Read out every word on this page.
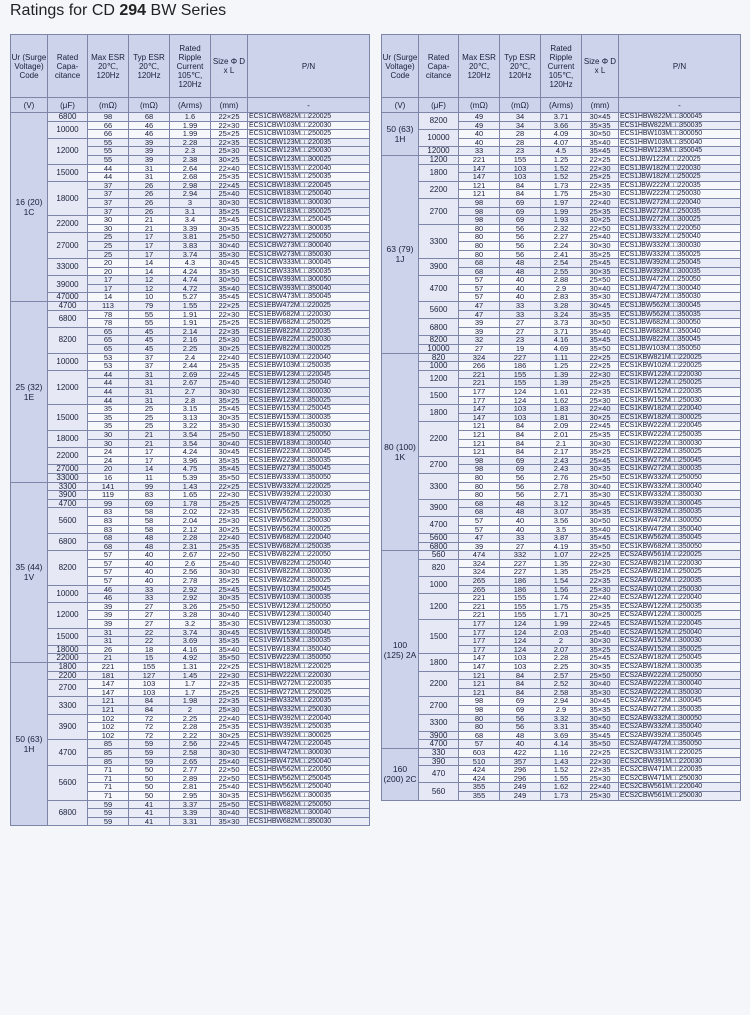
Ratings for CD 294 BW Series
Ur (Surge Voltage) Code	Rated Capa-citance	Max ESR 20℃, 120Hz	Typ ESR 20℃, 120Hz	Rated Ripple Current 105℃, 120Hz	Size Φ D x L	P/N
(V)	(μF)	(mΩ)	(mΩ)	(Arms)	(mm)	-
16 (20) 1C	6800	98	68	1.6	22×25	ECS1CBW682M□□220025
	10000	66	46	1.99	22×30	ECS1CBW103M□□220030
		66	46	1.99	25×25	ECS1CBW103M□□250025
	12000	55	39	2.28	22×35	ECS1CBW123M□□220035
		55	39	2.3	25×30	ECS1CBW123M□□250030
		55	39	2.38	30×25	ECS1CBW123M□□300025
	15000	44	31	2.64	22×40	ECS1CBW153M□□220040
		44	31	2.68	25×35	ECS1CBW153M□□250035
	18000	37	26	2.98	22×45	ECS1CBW183M□□220045
		37	26	2.94	25×40	ECS1CBW183M□□250040
		37	26	3	30×30	ECS1CBW183M□□300030
		37	26	3.1	35×25	ECS1CBW183M□□350025
	22000	30	21	3.4	25×45	ECS1CBW223M□□250045
		30	21	3.39	30×35	ECS1CBW223M□□300035
	27000	25	17	3.81	25×50	ECS1CBW273M□□250050
		25	17	3.83	30×40	ECS1CBW273M□□300040
		25	17	3.74	35×30	ECS1CBW273M□□350030
	33000	20	14	4.3	30×45	ECS1CBW333M□□300045
		20	14	4.24	35×35	ECS1CBW333M□□350035
	39000	17	12	4.74	30×50	ECS1CBW393M□□300050
		17	12	4.72	35×40	ECS1CBW393M□□350040
	47000	14	10	5.27	35×45	ECS1CBW473M□□350045
25 (32) 1E	4700	113	79	1.55	22×25	ECS1EBW472M□□220025
	6800	78	55	1.91	22×30	ECS1EBW682M□□220030
		78	55	1.91	25×25	ECS1EBW682M□□250025
	8200	65	45	2.14	22×35	ECS1EBW822M□□220035
		65	45	2.16	25×30	ECS1EBW822M□□250030
		65	45	2.25	30×25	ECS1EBW822M□□300025
	10000	53	37	2.4	22×40	ECS1EBW103M□□220040
		53	37	2.44	25×35	ECS1EBW103M□□250035
	12000	44	31	2.69	22×45	ECS1EBW123M□□220045
		44	31	2.67	25×40	ECS1EBW123M□□250040
		44	31	2.7	30×30	ECS1EBW123M□□300030
		44	31	2.8	35×25	ECS1EBW123M□□350025
	15000	35	25	3.15	25×45	ECS1EBW153M□□250045
		35	25	3.13	30×35	ECS1EBW153M□□300035
		35	25	3.22	35×30	ECS1EBW153M□□350030
	18000	30	21	3.54	25×50	ECS1EBW183M□□250050
		30	21	3.54	30×40	ECS1EBW183M□□300040
	22000	24	17	4.24	30×45	ECS1EBW223M□□300045
		24	17	3.96	35×35	ECS1EBW223M□□350035
	27000	20	14	4.75	35×45	ECS1EBW273M□□350045
	33000	16	11	5.39	35×50	ECS1EBW333M□□350050
35 (44) 1V	3300	141	99	1.43	22×25	ECS1VBW332M□□220025
	3900	119	83	1.65	22×30	ECS1VBW392M□□220030
	4700	99	69	1.78	25×25	ECS1VBW472M□□250025
	5600	83	58	2.02	22×35	ECS1VBW562M□□220035
		83	58	2.04	25×30	ECS1VBW562M□□250030
		83	58	2.12	30×25	ECS1VBW562M□□300025
	6800	68	48	2.28	22×40	ECS1VBW682M□□220040
		68	48	2.31	25×35	ECS1VBW682M□□250035
	8200	57	40	2.67	22×50	ECS1VBW822M□□220050
		57	40	2.6	25×40	ECS1VBW822M□□250040
		57	40	2.56	30×30	ECS1VBW822M□□300030
		57	40	2.78	35×25	ECS1VBW822M□□350025
	10000	46	33	2.92	25×45	ECS1VBW103M□□250045
		46	33	2.92	30×35	ECS1VBW103M□□300035
	12000	39	27	3.26	25×50	ECS1VBW123M□□250050
		39	27	3.28	30×40	ECS1VBW123M□□300040
		39	27	3.2	35×30	ECS1VBW123M□□350030
	15000	31	22	3.74	30×45	ECS1VBW153M□□300045
		31	22	3.69	35×35	ECS1VBW153M□□350035
	18000	26	18	4.16	35×40	ECS1VBW183M□□350040
	22000	21	15	4.92	35×50	ECS1VBW223M□□350050
50 (63) 1H	1800	221	155	1.31	22×25	ECS1HBW182M□□220025
	2200	181	127	1.45	22×30	ECS1HBW222M□□220030
	2700	147	103	1.7	22×35	ECS1HBW272M□□220035
		147	103	1.7	25×25	ECS1HBW272M□□250025
	3300	121	84	1.98	22×35	ECS1HBW332M□□220035
		121	84	2	25×30	ECS1HBW332M□□250030
	3900	102	72	2.25	22×40	ECS1HBW392M□□220040
		102	72	2.28	25×35	ECS1HBW392M□□250035
		102	72	2.22	30×25	ECS1HBW392M□□300025
	4700	85	59	2.56	22×45	ECS1HBW472M□□220045
		85	59	2.58	30×30	ECS1HBW472M□□300030
		85	59	2.65	25×40	ECS1HBW472M□□250040
	5600	71	50	2.77	22×50	ECS1HBW562M□□220050
		71	50	2.89	22×50	ECS1HBW562M□□250045
		71	50	2.81	25×40	ECS1HBW562M□□250040
		71	50	2.95	30×35	ECS1HBW562M□□300035
	6800	59	41	3.37	25×50	ECS1HBW682M□□250050
		59	41	3.39	30×40	ECS1HBW682M□□300040
		59	41	3.31	35×30	ECS1HBW682M□□350030
Ur (Surge Voltage) Code	Rated Capa-citance	Max ESR 20℃, 120Hz	Typ ESR 20℃, 120Hz	Rated Ripple Current 105℃, 120Hz	Size Φ D x L	P/N
(V)	(μF)	(mΩ)	(mΩ)	(Arms)	(mm)	-
50 (63) 1H	8200	49	34	3.71	30×45	ECS1HBW822M□□300045
		49	34	3.66	35×35	ECS1HBW822M□□350035
	10000	40	28	4.09	30×50	ECS1HBW103M□□300050
		40	28	4.07	35×40	ECS1HBW103M□□350040
	12000	33	23	4.5	35×45	ECS1HBW123M□□350045
63 (79) 1J	1200	221	155	1.25	22×25	ECS1JBW122M□□220025
	1800	147	103	1.52	22×30	ECS1JBW182M□□220030
		147	103	1.52	25×25	ECS1JBW182M□□250025
	2200	121	84	1.73	22×35	ECS1JBW222M□□220035
		121	84	1.75	25×30	ECS1JBW222M□□250030
	2700	98	69	1.97	22×40	ECS1JBW272M□□220040
		98	69	1.99	25×35	ECS1JBW272M□□250035
		98	69	1.93	30×25	ECS1JBW272M□□300025
	3300	80	56	2.32	22×50	ECS1JBW332M□□220050
		80	56	2.27	25×40	ECS1JBW332M□□250040
		80	56	2.24	30×30	ECS1JBW332M□□300030
		80	56	2.41	35×25	ECS1JBW332M□□350025
	3900	68	48	2.54	25×45	ECS1JBW392M□□250045
		68	48	2.55	30×35	ECS1JBW392M□□300035
	4700	57	40	2.88	25×50	ECS1JBW472M□□250050
		57	40	2.9	30×40	ECS1JBW472M□□300040
		57	40	2.83	35×30	ECS1JBW472M□□350030
	5600	47	33	3.28	30×45	ECS1JBW562M□□300045
		47	33	3.24	35×35	ECS1JBW562M□□350035
	6800	39	27	3.73	30×50	ECS1JBW682M□□300050
		39	27	3.71	35×40	ECS1JBW682M□□350040
	8200	32	23	4.16	35×45	ECS1JBW822M□□350045
	10000	27	19	4.69	35×50	ECS1JBW103M□□350050
80 (100) 1K	820	324	227	1.11	22×25	ECS1KBW821M□□220025
	1000	266	186	1.25	22×25	ECS1KBW102M□□220025
	1200	221	155	1.39	22×30	ECS1KBW122M□□220030
		221	155	1.39	25×25	ECS1KBW122M□□250025
	1500	177	124	1.61	22×35	ECS1KBW152M□□220035
		177	124	1.62	25×30	ECS1KBW152M□□250030
	1800	147	103	1.83	22×40	ECS1KBW182M□□220040
		147	103	1.81	30×25	ECS1KBW182M□□300025
	2200	121	84	2.09	22×45	ECS1KBW222M□□220045
		121	84	2.01	25×35	ECS1KBW222M□□250035
		121	84	2.1	30×30	ECS1KBW222M□□300030
		121	84	2.17	35×25	ECS1KBW222M□□350025
	2700	98	69	2.43	25×45	ECS1KBW272M□□250045
		98	69	2.43	30×35	ECS1KBW272M□□300035
	3300	80	56	2.76	25×50	ECS1KBW332M□□250050
		80	56	2.78	30×40	ECS1KBW332M□□300040
		80	56	2.71	35×30	ECS1KBW332M□□350030
	3900	68	48	3.12	30×45	ECS1KBW392M□□300045
		68	48	3.07	35×35	ECS1KBW392M□□350035
	4700	57	40	3.56	30×50	ECS1KBW472M□□300050
		57	40	3.5	35×40	ECS1KBW472M□□350040
	5600	47	33	3.87	35×45	ECS1KBW562M□□350045
	6800	39	27	4.19	35×50	ECS1KBW682M□□350050
100 (125) 2A	560	474	332	1.07	22×25	ECS2ABW561M□□220025
	820	324	227	1.35	22×30	ECS2ABW821M□□220030
		324	227	1.35	25×25	ECS2ABW821M□□250025
	1000	265	186	1.54	22×35	ECS2ABW102M□□220035
		265	186	1.56	25×30	ECS2ABW102M□□250030
	1200	221	155	1.74	22×40	ECS2ABW122M□□220040
		221	155	1.75	25×35	ECS2ABW122M□□250035
		221	155	1.71	30×25	ECS2ABW122M□□300025
	1500	177	124	1.99	22×45	ECS2ABW152M□□220045
		177	124	2.03	25×40	ECS2ABW152M□□250040
		177	124	2	30×30	ECS2ABW152M□□300030
		177	124	2.07	35×25	ECS2ABW152M□□350025
	1800	147	103	2.28	25×45	ECS2ABW182M□□250045
		147	103	2.25	30×35	ECS2ABW182M□□300035
	2200	121	84	2.57	25×50	ECS2ABW222M□□250050
		121	84	2.52	30×40	ECS2ABW222M□□300040
		121	84	2.58	35×30	ECS2ABW222M□□350030
	2700	98	69	2.94	30×45	ECS2ABW272M□□300045
		98	69	2.9	35×35	ECS2ABW272M□□350035
	3300	80	56	3.32	30×50	ECS2ABW332M□□300050
		80	56	3.31	35×40	ECS2ABW332M□□350040
	3900	68	48	3.69	35×45	ECS2ABW392M□□350045
	4700	57	40	4.14	35×50	ECS2ABW472M□□350050
160 (200) 2C	330	603	422	1.16	22×25	ECS2CBW331M□□220025
	390	510	357	1.43	22×30	ECS2CBW391M□□220030
	470	424	296	1.52	22×35	ECS2CBW471M□□220035
		424	296	1.55	25×30	ECS2CBW471M□□250030
	560	355	249	1.62	22×40	ECS2CBW561M□□220040
		355	249	1.73	25×30	ECS2CBW561M□□250030
